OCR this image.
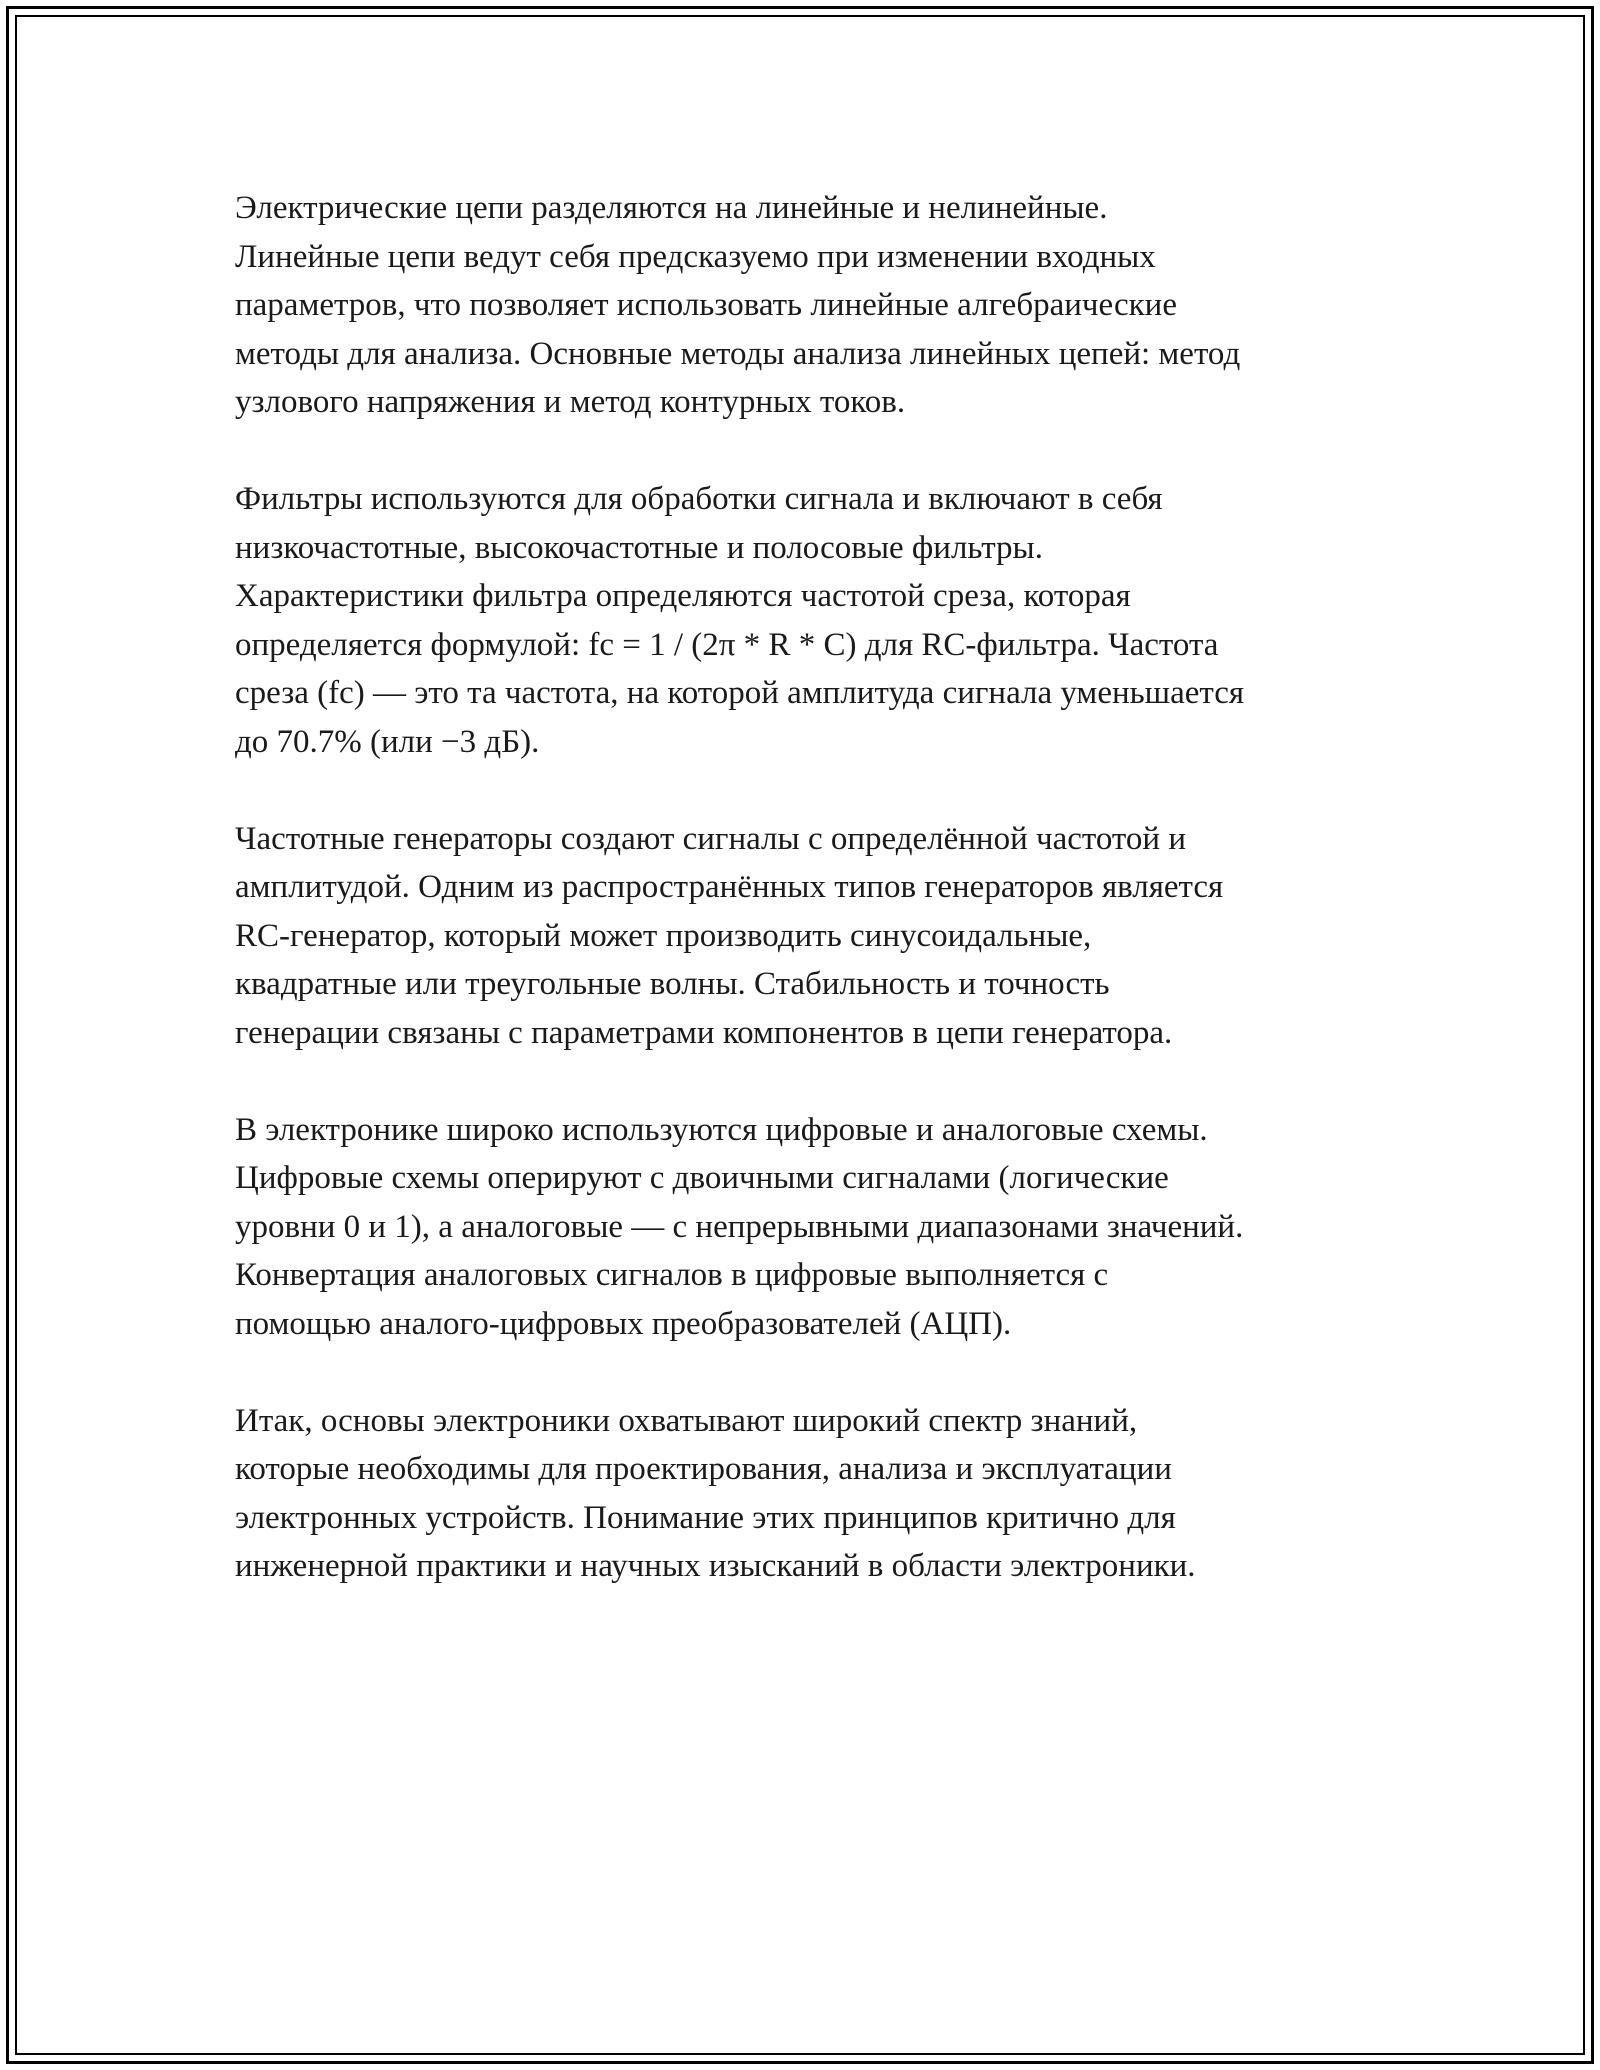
Электрические цепи разделяются на линейные и нелинейные.
Линейные цепи ведут себя предсказуемо при изменении входных
параметров, что позволяет использовать линейные алгебраические
методы для анализа. Основные методы анализа линейных цепей: метод
узлового напряжения и метод контурных токов.

Фильтры используются для обработки сигнала и включают в себя
низкочастотные, высокочастотные и полосовые фильтры.
Характеристики фильтра определяются частотой среза, которая
определяется формулой: fc = 1 / (2π * R * C) для RC-фильтра. Частота
среза (fc) — это та частота, на которой амплитуда сигнала уменьшается
до 70.7% (или −3 дБ).

Частотные генераторы создают сигналы с определённой частотой и
амплитудой. Одним из распространённых типов генераторов является
RC-генератор, который может производить синусоидальные,
квадратные или треугольные волны. Стабильность и точность
генерации связаны с параметрами компонентов в цепи генератора.

В электронике широко используются цифровые и аналоговые схемы.
Цифровые схемы оперируют с двоичными сигналами (логические
уровни 0 и 1), а аналоговые — с непрерывными диапазонами значений.
Конвертация аналоговых сигналов в цифровые выполняется с
помощью аналого-цифровых преобразователей (АЦП).

Итак, основы электроники охватывают широкий спектр знаний,
которые необходимы для проектирования, анализа и эксплуатации
электронных устройств. Понимание этих принципов критично для
инженерной практики и научных изысканий в области электроники.
